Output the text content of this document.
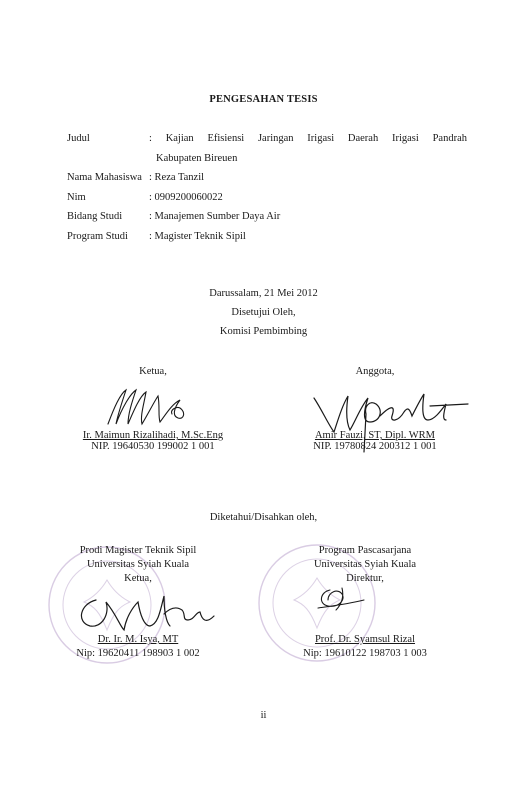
PENGESAHAN TESIS
Judul	: Kajian Efisiensi Jaringan Irigasi Daerah Irigasi Pandrah
Kabupaten Bireuen
Nama Mahasiswa : Reza Tanzil
Nim	: 0909200060022
Bidang Studi	: Manajemen Sumber Daya Air
Program Studi	: Magister Teknik Sipil
Darussalam, 21 Mei 2012
Disetujui Oleh,
Komisi Pembimbing
Ketua,
Ir. Maimun Rizalihadi, M.Sc.Eng
NIP. 19640530 199002 1 001
Anggota,
Amir Fauzi, ST, Dipl. WRM
NIP. 19780824 200312 1 001
Diketahui/Disahkan oleh,
Prodi Magister Teknik Sipil
Universitas Syiah Kuala
Ketua,
Dr. Ir. M. Isya, MT
Nip: 19620411 198903 1 002
Program Pascasarjana
Universitas Syiah Kuala
Direktur,
Prof. Dr. Syamsul Rizal
Nip: 19610122 198703 1 003
ii
